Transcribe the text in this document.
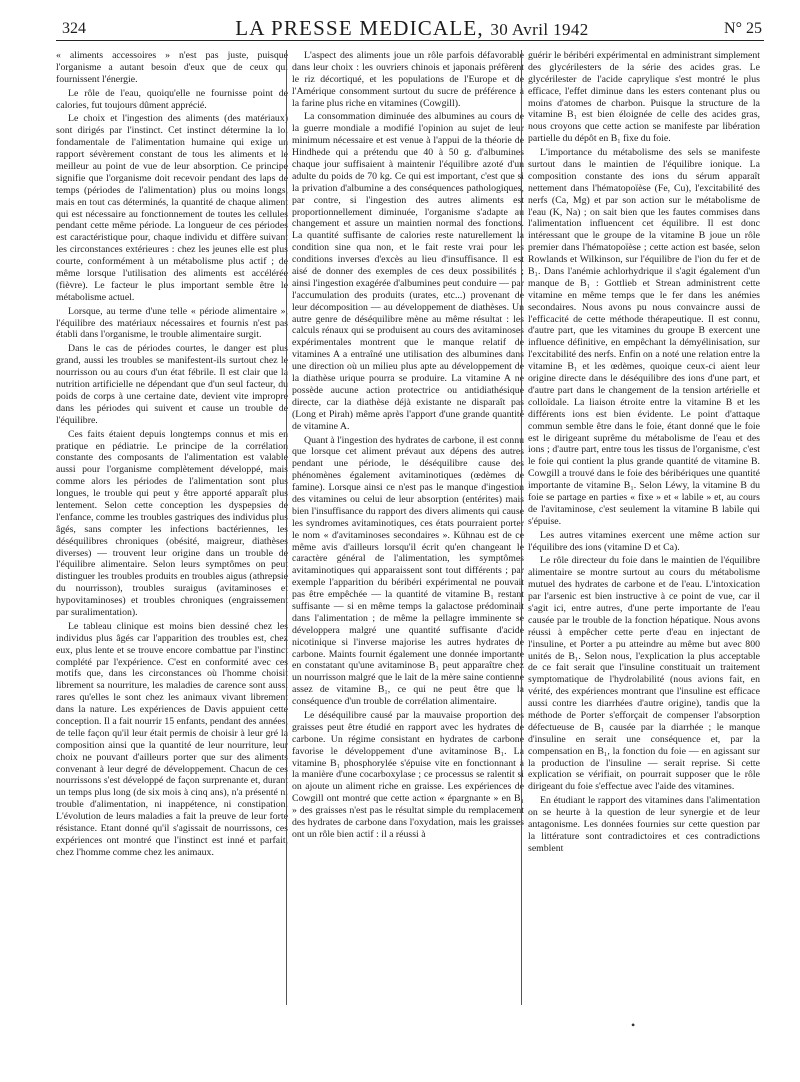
324	LA PRESSE MEDICALE, 30 Avril 1942	N° 25

« aliments accessoires » n'est pas juste, puisque l'organisme a autant besoin d'eux que de ceux qui fournissent l'énergie.

Le rôle de l'eau, quoiqu'elle ne fournisse point de calories, fut toujours dûment apprécié.

Le choix et l'ingestion des aliments (des matériaux) sont dirigés par l'instinct. Cet instinct détermine la loi fondamentale de l'alimentation humaine qui exige un rapport sévèrement constant de tous les aliments et le meilleur au point de vue de leur absorption. Ce principe signifie que l'organisme doit recevoir pendant des laps de temps (périodes de l'alimentation) plus ou moins longs, mais en tout cas déterminés, la quantité de chaque aliment qui est nécessaire au fonctionnement de toutes les cellules pendant cette même période. La longueur de ces périodes est caractéristique pour, chaque individu et diffère suivant les circonstances extérieures : chez les jeunes elle est plus courte, conformément à un métabolisme plus actif ; de même lorsque l'utilisation des aliments est accélérée (fièvre). Le facteur le plus important semble être le métabolisme actuel.

Lorsque, au terme d'une telle « période alimentaire », l'équilibre des matériaux nécessaires et fournis n'est pas établi dans l'organisme, le trouble alimentaire surgit.

Dans le cas de périodes courtes, le danger est plus grand, aussi les troubles se manifestent-ils surtout chez le nourrisson ou au cours d'un état fébrile. Il est clair que la nutrition artificielle ne dépendant que d'un seul facteur, du poids de corps à une certaine date, devient vite impropre dans les périodes qui suivent et cause un trouble de l'équilibre.

Ces faits étaient depuis longtemps connus et mis en pratique en pédiatrie. Le principe de la corrélation constante des composants de l'alimentation est valable aussi pour l'organisme complètement développé, mais comme alors les périodes de l'alimentation sont plus longues, le trouble qui peut y être apporté apparaît plus lentement. Selon cette conception les dyspepsies de l'enfance, comme les troubles gastriques des individus plus âgés, sans compter les infections bactériennes, les déséquilibres chroniques (obésité, maigreur, diathèses diverses) — trouvent leur origine dans un trouble de l'équilibre alimentaire. Selon leurs symptômes on peut distinguer les troubles produits en troubles aigus (athrepsie du nourrisson), troubles suraigus (avitaminoses et hypovitaminoses) et troubles chroniques (engraissement par suralimentation).

Le tableau clinique est moins bien dessiné chez les individus plus âgés car l'apparition des troubles est, chez eux, plus lente et se trouve encore combattue par l'instinct complété par l'expérience. C'est en conformité avec ces motifs que, dans les circonstances où l'homme choisit librement sa nourriture, les maladies de carence sont aussi rares qu'elles le sont chez les animaux vivant librement dans la nature. Les expériences de Davis appuient cette conception. Il a fait nourrir 15 enfants, pendant des années, de telle façon qu'il leur était permis de choisir à leur gré la composition ainsi que la quantité de leur nourriture, leur choix ne pouvant d'ailleurs porter que sur des aliments convenant à leur degré de développement. Chacun de ces nourrissons s'est développé de façon surprenante et, durant un temps plus long (de six mois à cinq ans), n'a présenté ni trouble d'alimentation, ni inappétence, ni constipation. L'évolution de leurs maladies a fait la preuve de leur forte résistance. Etant donné qu'il s'agissait de nourrissons, ces expériences ont montré que l'instinct est inné et parfait, chez l'homme comme chez les animaux.

L'aspect des aliments joue un rôle parfois défavorable dans leur choix : les ouvriers chinois et japonais préfèrent le riz décortiqué, et les populations de l'Europe et de l'Amérique consomment surtout du sucre de préférence à la farine plus riche en vitamines (Cowgill).

La consommation diminuée des albumines au cours de la guerre mondiale a modifié l'opinion au sujet de leur minimum nécessaire et est venue à l'appui de la théorie de Hindhede qui a prétendu que 40 à 50 g. d'albumines chaque jour suffisaient à maintenir l'équilibre azoté d'un adulte du poids de 70 kg. Ce qui est important, c'est que si la privation d'albumine a des conséquences pathologiques, par contre, si l'ingestion des autres aliments est proportionnellement diminuée, l'organisme s'adapte au changement et assure un maintien normal des fonctions. La quantité suffisante de calories reste naturellement la condition sine qua non, et le fait reste vrai pour les conditions inverses d'excès au lieu d'insuffisance. Il est aisé de donner des exemples de ces deux possibilités ; ainsi l'ingestion exagérée d'albumines peut conduire — par l'accumulation des produits (urates, etc...) provenant de leur décomposition — au développement de diathèses. Un autre genre de déséquilibre mène au même résultat : les calculs rénaux qui se produisent au cours des avitaminoses expérimentales montrent que le manque relatif de vitamines A a entraîné une utilisation des albumines dans une direction où un milieu plus apte au développement de la diathèse urique pourra se produire. La vitamine A ne possède aucune action protectrice ou antidiathésique directe, car la diathèse déjà existante ne disparaît pas (Long et Pirah) même après l'apport d'une grande quantité de vitamine A.

Quant à l'ingestion des hydrates de carbone, il est connu que lorsque cet aliment prévaut aux dépens des autres pendant une période, le déséquilibre cause des phénomènes également avitaminotiques (œdèmes de famine). Lorsque ainsi ce n'est pas le manque d'ingestion des vitamines ou celui de leur absorption (entérites) mais bien l'insuffisance du rapport des divers aliments qui cause les syndromes avitaminotiques, ces états pourraient porter le nom « d'avitaminoses secondaires ». Kühnau est de ce même avis d'ailleurs lorsqu'il écrit qu'en changeant le caractère général de l'alimentation, les symptômes avitaminotiques qui apparaissent sont tout différents ; par exemple l'apparition du béribéri expérimental ne pouvait pas être empêchée — la quantité de vitamine B₁ restant suffisante — si en même temps la galactose prédominait dans l'alimentation ; de même la pellagre imminente se développera malgré une quantité suffisante d'acide nicotinique si l'inverse majorise les autres hydrates de carbone. Maints fournit également une donnée importante en constatant qu'une avitaminose B₁ peut apparaître chez un nourrisson malgré que le lait de la mère saine contienne assez de vitamine B₁, ce qui ne peut être que la conséquence d'un trouble de corrélation alimentaire.

Le déséquilibre causé par la mauvaise proportion des graisses peut être étudié en rapport avec les hydrates de carbone. Un régime consistant en hydrates de carbone favorise le développement d'une avitaminose B₁. La vitamine B₁ phosphorylée s'épuise vite en fonctionnant à la manière d'une cocarboxylase ; ce processus se ralentit si on ajoute un aliment riche en graisse. Les expériences de Cowgill ont montré que cette action « épargnante » en B₁ » des graisses n'est pas le résultat simple du remplacement des hydrates de carbone dans l'oxydation, mais les graisses ont un rôle bien actif : il a réussi à

guérir le béribéri expérimental en administrant simplement des glycérilesters de la série des acides gras. Le glycérilester de l'acide caprylique s'est montré le plus efficace, l'effet diminue dans les esters contenant plus ou moins d'atomes de charbon. Puisque la structure de la vitamine B₁ est bien éloignée de celle des acides gras, nous croyons que cette action se manifeste par libération partielle du dépôt en B₁ fixe du foie.

L'importance du métabolisme des sels se manifeste surtout dans le maintien de l'équilibre ionique. La composition constante des ions du sérum apparaît nettement dans l'hématopoïèse (Fe, Cu), l'excitabilité des nerfs (Ca, Mg) et par son action sur le métabolisme de l'eau (K, Na) ; on sait bien que les fautes commises dans l'alimentation influencent cet équilibre. Il est donc intéressant que le groupe de la vitamine B joue un rôle premier dans l'hématopoïèse ; cette action est basée, selon Rowlands et Wilkinson, sur l'équilibre de l'ion du fer et de B₁. Dans l'anémie achlorhydrique il s'agit également d'un manque de B₁ : Gottlieb et Strean administrent cette vitamine en même temps que le fer dans les anémies secondaires. Nous avons pu nous convaincre aussi de l'efficacité de cette méthode thérapeutique. Il est connu, d'autre part, que les vitamines du groupe B exercent une influence définitive, en empêchant la démyélinisation, sur l'excitabilité des nerfs. Enfin on a noté une relation entre la vitamine B₁ et les œdèmes, quoique ceux-ci aient leur origine directe dans le déséquilibre des ions d'une part, et d'autre part dans le changement de la tension artérielle et colloïdale. La liaison étroite entre la vitamine B et les différents ions est bien évidente. Le point d'attaque commun semble être dans le foie, étant donné que le foie est le dirigeant suprême du métabolisme de l'eau et des ions ; d'autre part, entre tous les tissus de l'organisme, c'est le foie qui contient la plus grande quantité de vitamine B. Cowgill a trouvé dans le foie des béribériques une quantité importante de vitamine B₁. Selon Léwy, la vitamine B du foie se partage en parties « fixe » et « labile » et, au cours de l'avitaminose, c'est seulement la vitamine B labile qui s'épuise.

Les autres vitamines exercent une même action sur l'équilibre des ions (vitamine D et Ca).

Le rôle directeur du foie dans le maintien de l'équilibre alimentaire se montre surtout au cours du métabolisme mutuel des hydrates de carbone et de l'eau. L'intoxication par l'arsenic est bien instructive à ce point de vue, car il s'agit ici, entre autres, d'une perte importante de l'eau causée par le trouble de la fonction hépatique. Nous avons réussi à empêcher cette perte d'eau en injectant de l'insuline, et Porter a pu atteindre au même but avec 800 unités de B₁. Selon nous, l'explication la plus acceptable de ce fait serait que l'insuline constituait un traitement symptomatique de l'hydrolabilité (nous avions fait, en vérité, des expériences montrant que l'insuline est efficace aussi contre les diarrhées d'autre origine), tandis que la méthode de Porter s'efforçait de compenser l'absorption défectueuse de B₁ causée par la diarrhée ; le manque d'insuline en serait une conséquence et, par la compensation en B₁, la fonction du foie — en agissant sur la production de l'insuline — serait reprise. Si cette explication se vérifiait, on pourrait supposer que le rôle dirigeant du foie s'effectue avec l'aide des vitamines.

En étudiant le rapport des vitamines dans l'alimentation on se heurte à la question de leur synergie et de leur antagonisme. Les données fournies sur cette question par la littérature sont contradictoires et ces contradictions semblent

•
